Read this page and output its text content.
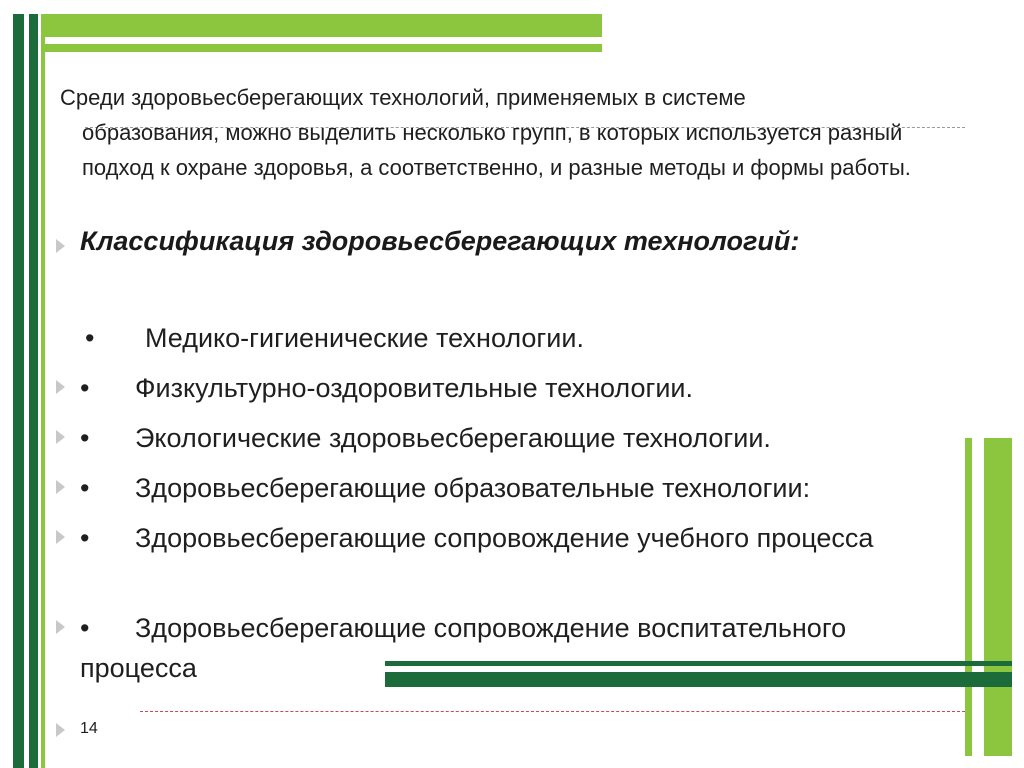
Среди здоровьесберегающих технологий, применяемых в системе
образования, можно выделить несколько групп, в которых используется разный подход к охране здоровья, а соответственно, и разные методы и формы работы.
Классификация здоровьесберегающих технологий:
• Медико-гигиенические технологии.
• Физкультурно-оздоровительные технологии.
• Экологические здоровьесберегающие технологии.
• Здоровьесберегающие образовательные технологии:
• Здоровьесберегающие сопровождение учебного процесса
• Здоровьесберегающие сопровождение воспитательного процесса
14
